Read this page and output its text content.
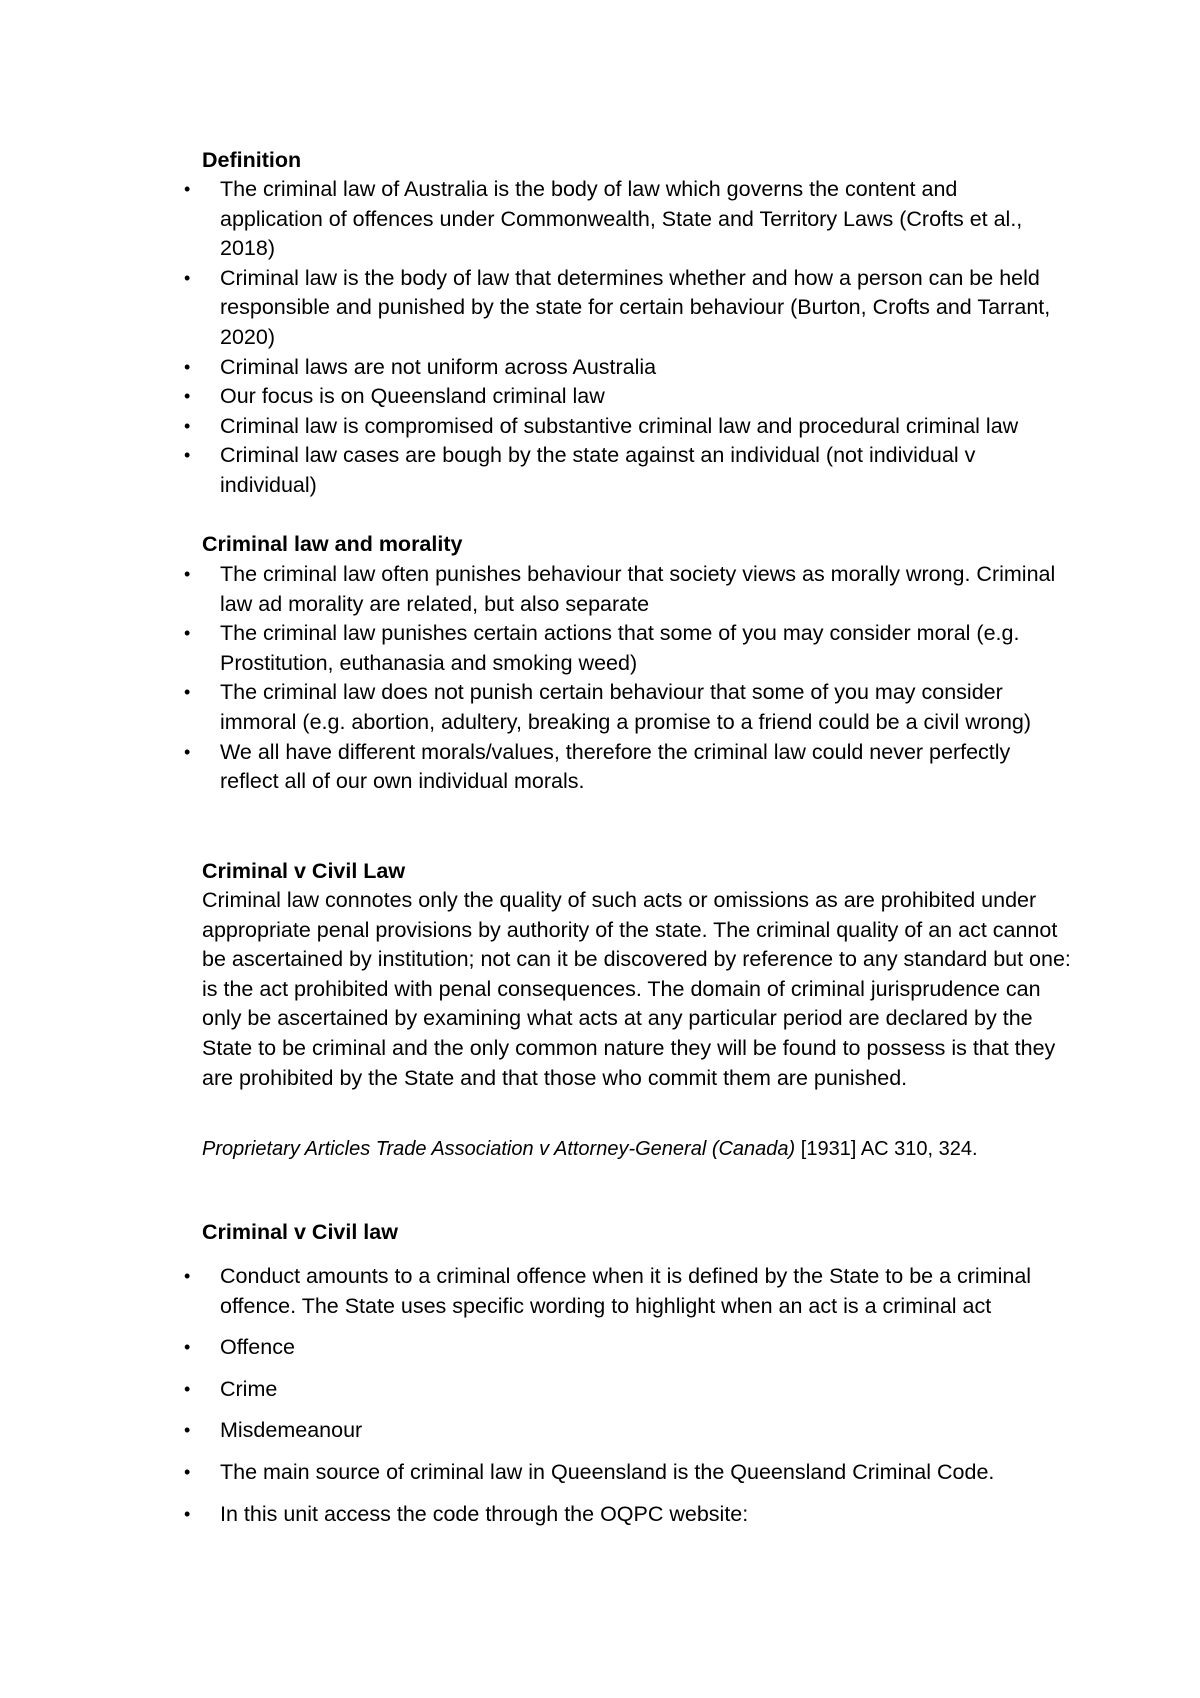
Definition
• The criminal law of Australia is the body of law which governs the content and application of offences under Commonwealth, State and Territory Laws (Crofts et al., 2018)
• Criminal law is the body of law that determines whether and how a person can be held responsible and punished by the state for certain behaviour (Burton, Crofts and Tarrant, 2020)
• Criminal laws are not uniform across Australia
• Our focus is on Queensland criminal law
• Criminal law is compromised of substantive criminal law and procedural criminal law
• Criminal law cases are bough by the state against an individual (not individual v individual)
Criminal law and morality
• The criminal law often punishes behaviour that society views as morally wrong. Criminal law ad morality are related, but also separate
• The criminal law punishes certain actions that some of you may consider moral (e.g. Prostitution, euthanasia and smoking weed)
• The criminal law does not punish certain behaviour that some of you may consider immoral (e.g. abortion, adultery, breaking a promise to a friend could be a civil wrong)
• We all have different morals/values, therefore the criminal law could never perfectly reflect all of our own individual morals.
Criminal v Civil Law

Criminal law connotes only the quality of such acts or omissions as are prohibited under appropriate penal provisions by authority of the state. The criminal quality of an act cannot be ascertained by institution; not can it be discovered by reference to any standard but one: is the act prohibited with penal consequences. The domain of criminal jurisprudence can only be ascertained by examining what acts at any particular period are declared by the State to be criminal and the only common nature they will be found to possess is that they are prohibited by the State and that those who commit them are punished.

Proprietary Articles Trade Association v Attorney-General (Canada) [1931] AC 310, 324.

Criminal v Civil law
• Conduct amounts to a criminal offence when it is defined by the State to be a criminal offence. The State uses specific wording to highlight when an act is a criminal act
• Offence
• Crime
• Misdemeanour
• The main source of criminal law in Queensland is the Queensland Criminal Code.
• In this unit access the code through the OQPC website:
